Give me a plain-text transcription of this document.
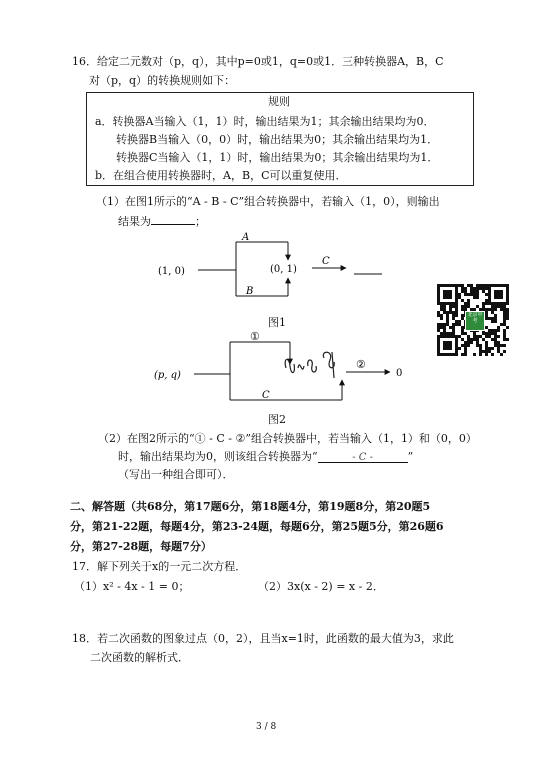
16．给定二元数对（p，q），其中p=0或1，q=0或1．三种转换器A，B，C
对（p，q）的转换规则如下：
规则
a．转换器A当输入（1，1）时，输出结果为1；其余输出结果均为0．
转换器B当输入（0，0）时，输出结果为0；其余输出结果均为1．
转换器C当输入（1，1）时，输出结果为0；其余输出结果均为1．
b．在组合使用转换器时，A，B，C可以重复使用．
（1）在图1所示的“A - B - C”组合转换器中，若输入（1，0），则输出
结果为	；
A
B
C
(1, 0)	(0, 1)
图1
①
②
C
(p, q)	0
图2
（2）在图2所示的“① - C - ②”组合转换器中，若当输入（1，1）和（0，0）
时，输出结果均为0，则该组合转换器为“	- C -	”
（写出一种组合即可）．
二、解答题（共68分，第17题6分，第18题4分，第19题8分，第20题5
分，第21-22题，每题4分，第23-24题，每题6分，第25题5分，第26题6
分，第27-28题，每题7分）
17．解下列关于x的一元二次方程．
（1）x² - 4x - 1 = 0；	（2）3x(x - 2) = x - 2．
18．若二次函数的图象过点（0，2），且当x=1时，此函数的最大值为3，求此
二次函数的解析式．
3 / 8
北京中考
